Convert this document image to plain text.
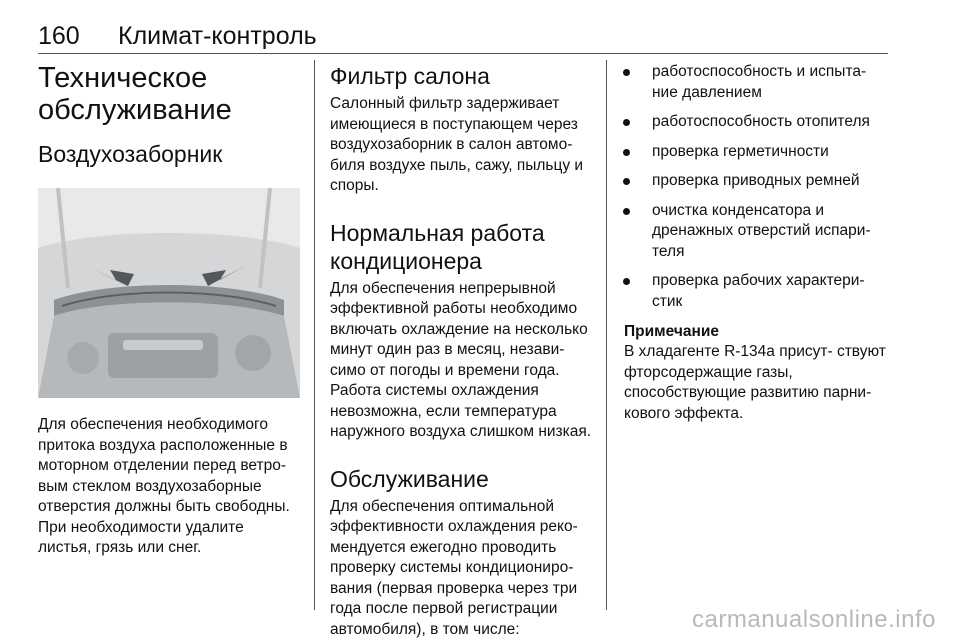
160 Климат-контроль
Техническое обслуживание
Воздухозаборник

Для обеспечения необходимого притока воздуха расположенные в моторном отделении перед ветро- вым стеклом воздухозаборные отверстия должны быть свободны. При необходимости удалите листья, грязь или снег.

Фильтр салона

Салонный фильтр задерживает имеющиеся в поступающем через воздухозаборник в салон автомо- биля воздухе пыль, сажу, пыльцу и споры.

Нормальная работа кондиционера

Для обеспечения непрерывной эффективной работы необходимо включать охлаждение на несколько минут один раз в месяц, незави- симо от погоды и времени года. Работа системы охлаждения невозможна, если температура наружного воздуха слишком низкая.

Обслуживание

Для обеспечения оптимальной эффективности охлаждения реко- мендуется ежегодно проводить проверку системы кондициониро- вания (первая проверка через три года после первой регистрации автомобиля), в том числе:

работоспособность и испыта- ние давлением
работоспособность отопителя
проверка герметичности
проверка приводных ремней
очистка конденсатора и дренажных отверстий испари- теля
проверка рабочих характери- стик
Примечание

В хладагенте R-134a присут- ствуют фторсодержащие газы, способствующие развитию парни- кового эффекта.

carmanualsonline.info
